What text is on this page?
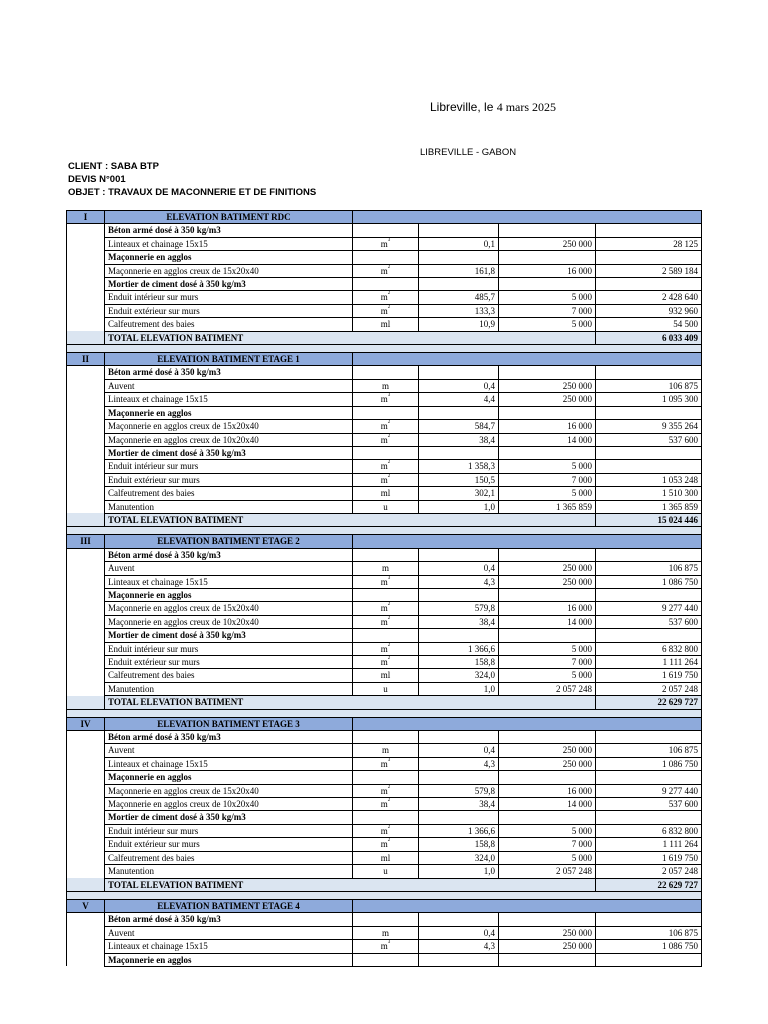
Libreville, le 4 mars 2025
LIBREVILLE - GABON
CLIENT : SABA BTP
DEVIS N°001
OBJET : TRAVAUX DE MACONNERIE ET DE FINITIONS
I	ELEVATION BATIMENT RDC				
	Béton armé dosé à 350 kg/m3				
	Linteaux et chainage 15x15	$m^3$	0,1	250 000	28 125
	Maçonnerie en agglos				
	Maçonnerie en agglos creux de 15x20x40	$m^2$	161,8	16 000	2 589 184
	Mortier de ciment dosé à 350 kg/m3				
	Enduit intérieur sur murs	$m^2$	485,7	5 000	2 428 640
	Enduit extérieur sur murs	$m^2$	133,3	7 000	932 960
	Calfeutrement des baies	ml	10,9	5 000	54 500
	TOTAL ELEVATION BATIMENT				6 033 409

II	ELEVATION BATIMENT ETAGE 1				
	Béton armé dosé à 350 kg/m3				
	Auvent	m	0,4	250 000	106 875
	Linteaux et chainage 15x15	$m^3$	4,4	250 000	1 095 300
	Maçonnerie en agglos				
	Maçonnerie en agglos creux de 15x20x40	$m^2$	584,7	16 000	9 355 264
	Maçonnerie en agglos creux de 10x20x40	$m^2$	38,4	14 000	537 600
	Mortier de ciment dosé à 350 kg/m3				
	Enduit intérieur sur murs	$m^2$	1 358,3	5 000	
	Enduit extérieur sur murs	$m^2$	150,5	7 000	1 053 248
	Calfeutrement des baies	ml	302,1	5 000	1 510 300
	Manutention	u	1,0	1 365 859	1 365 859
	TOTAL ELEVATION BATIMENT				15 024 446

III	ELEVATION BATIMENT ETAGE 2				
	Béton armé dosé à 350 kg/m3				
	Auvent	m	0,4	250 000	106 875
	Linteaux et chainage 15x15	$m^3$	4,3	250 000	1 086 750
	Maçonnerie en agglos				
	Maçonnerie en agglos creux de 15x20x40	$m^2$	579,8	16 000	9 277 440
	Maçonnerie en agglos creux de 10x20x40	$m^2$	38,4	14 000	537 600
	Mortier de ciment dosé à 350 kg/m3				
	Enduit intérieur sur murs	$m^2$	1 366,6	5 000	6 832 800
	Enduit extérieur sur murs	$m^2$	158,8	7 000	1 111 264
	Calfeutrement des baies	ml	324,0	5 000	1 619 750
	Manutention	u	1,0	2 057 248	2 057 248
	TOTAL ELEVATION BATIMENT				22 629 727

IV	ELEVATION BATIMENT ETAGE 3				
	Béton armé dosé à 350 kg/m3				
	Auvent	m	0,4	250 000	106 875
	Linteaux et chainage 15x15	$m^3$	4,3	250 000	1 086 750
	Maçonnerie en agglos				
	Maçonnerie en agglos creux de 15x20x40	$m^2$	579,8	16 000	9 277 440
	Maçonnerie en agglos creux de 10x20x40	$m^2$	38,4	14 000	537 600
	Mortier de ciment dosé à 350 kg/m3				
	Enduit intérieur sur murs	$m^2$	1 366,6	5 000	6 832 800
	Enduit extérieur sur murs	$m^2$	158,8	7 000	1 111 264
	Calfeutrement des baies	ml	324,0	5 000	1 619 750
	Manutention	u	1,0	2 057 248	2 057 248
	TOTAL ELEVATION BATIMENT				22 629 727

V	ELEVATION BATIMENT ETAGE 4				
	Béton armé dosé à 350 kg/m3				
	Auvent	m	0,4	250 000	106 875
	Linteaux et chainage 15x15	$m^3$	4,3	250 000	1 086 750
	Maçonnerie en agglos				
